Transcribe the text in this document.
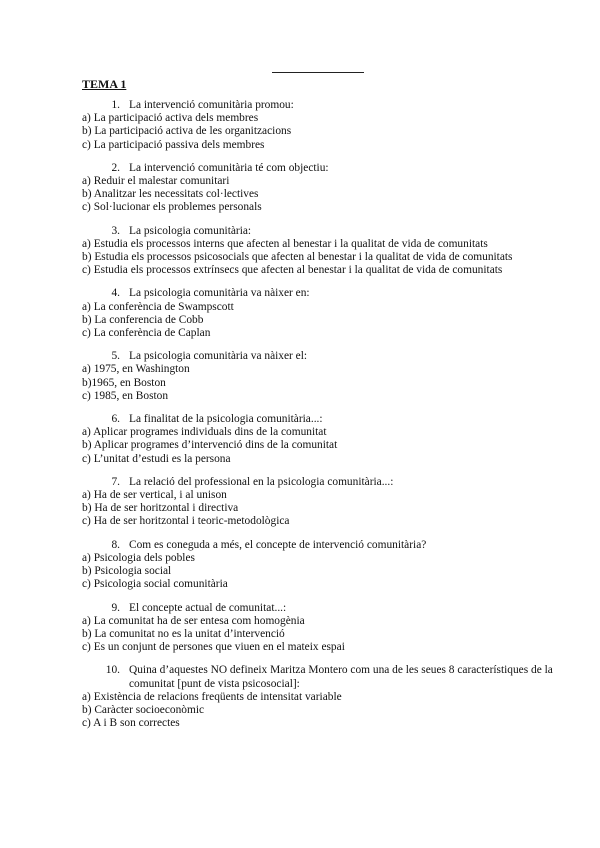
TEMA 1
1. La intervenció comunitària promou:

a) La participació activa dels membres

b) La participació activa de les organitzacions

c) La participació passiva dels membres

2. La intervenció comunitària té com objectiu:

a) Reduir el malestar comunitari

b) Analitzar les necessitats col·lectives

c) Sol·lucionar els problemes personals

3. La psicologia comunitària:

a) Estudia els processos interns que afecten al benestar i la qualitat de vida de comunitats

b) Estudia els processos psicosocials que afecten al benestar i la qualitat de vida de comunitats

c) Estudia els processos extrínsecs que afecten al benestar i la qualitat de vida de comunitats

4. La psicologia comunitària va nàixer en:

a) La conferència de Swampscott

b) La conferencia de Cobb

c) La conferència de Caplan

5. La psicologia comunitària va nàixer el:

a) 1975, en Washington

b)1965, en Boston

c) 1985, en Boston

6. La finalitat de la psicologia comunitària...:

a) Aplicar programes individuals dins de la comunitat

b) Aplicar programes d’intervenció dins de la comunitat

c) L’unitat d’estudi es la persona

7. La relació del professional en la psicologia comunitària...:

a) Ha de ser vertical, i al unison

b) Ha de ser horitzontal i directiva

c) Ha de ser horitzontal i teoric-metodològica

8. Com es coneguda a més, el concepte de intervenció comunitària?

a) Psicologia dels pobles

b) Psicologia social

c) Psicologia social comunitària

9. El concepte actual de comunitat...:

a) La comunitat ha de ser entesa com homogènia

b) La comunitat no es la unitat d’intervenció

c) Es un conjunt de persones que viuen en el mateix espai

10. Quina d’aquestes NO defineix Maritza Montero com una de les seues 8 característiques de la comunitat [punt de vista psicosocial]:

a) Existència de relacions freqüents de intensitat variable

b) Caràcter socioeconòmic

c) A i B son correctes
